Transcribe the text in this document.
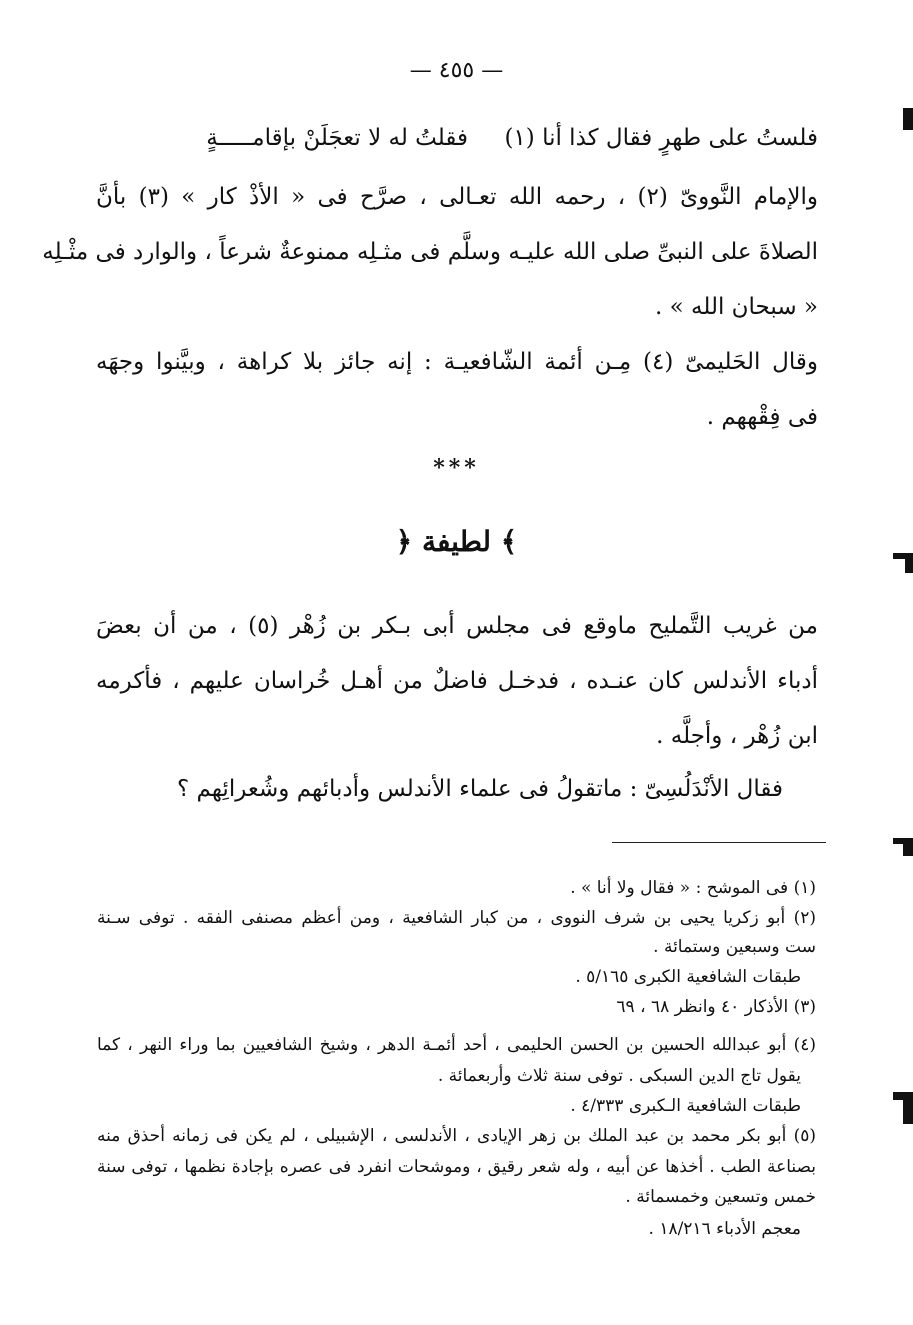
— ٤٥٥ —
فقلتُ له لا تعجَلَنْ بإقامـــــةٍ فلستُ على طهرٍ فقال كذا أنا (١)
والإمام النَّووىّ (٢) ، رحمه الله تعـالى ، صرَّح فى « الأذْ كار » (٣) بأنَّ
الصلاةَ على النبىِّ صلى الله عليـه وسلَّم فى مثـلِه ممنوعةٌ شرعاً ، والوارد فى مثْـلِه
« سبحان الله » .
وقال الحَليمىّ (٤) مِـن أئمة الشّافعيـة : إنه جائز بلا كراهة ، وبيَّنوا وجهَه
فى فِقْههم .
***
﴿ لطيفة ﴾
من غريب التَّمليح ماوقع فى مجلس أبى بـكر بن زُهْر (٥) ، من أن بعضَ
أدباء الأندلس كان عنـده ، فدخـل فاضلٌ من أهـل خُراسان عليهم ، فأكرمه
ابن زُهْر ، وأجلَّه .
فقال الأنْدَلُسِىّ : ماتقولُ فى علماء الأندلس وأدبائهم وشُعرائِهم ؟
(١) فى الموشح : « فقال ولا أنا » .
(٢) أبو زكريا يحيى بن شرف النووى ، من كبار الشافعية ، ومن أعظم مصنفى الفقه . توفى سـنة
ست وسبعين وستمائة .
طبقات الشافعية الكبرى ٥/١٦٥ .
(٣) الأذكار ٤٠ وانظر ٦٨ ، ٦٩
(٤) أبو عبدالله الحسين بن الحسن الحليمى ، أحد أئمـة الدهر ، وشيخ الشافعيين بما وراء النهر ، كما
يقول تاج الدين السبكى . توفى سنة ثلاث وأربعمائة .
طبقات الشافعية الـكبرى ٤/٣٣٣ .
(٥) أبو بكر محمد بن عبد الملك بن زهر الإيادى ، الأندلسى ، الإشبيلى ، لم يكن فى زمانه أحذق منه
بصناعة الطب . أخذها عن أبيه ، وله شعر رقيق ، وموشحات انفرد فى عصره بإجادة نظمها ، توفى سنة
خمس وتسعين وخمسمائة .
معجم الأدباء ١٨/٢١٦ .
